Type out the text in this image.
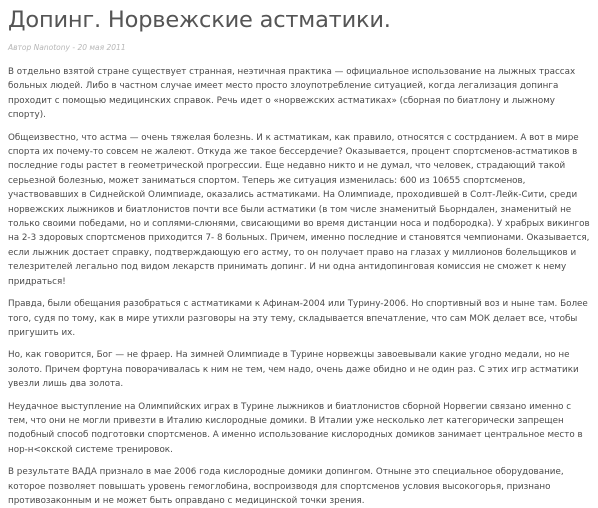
Допинг. Норвежские астматики.
Автор Nanotony - 20 мая 2011

В отдельно взятой стране существует странная, неэтичная практика — официальное использование на лыжных трассах больных людей. Либо в частном случае имеет место просто злоупотребление ситуацией, когда легализация допинга проходит с помощью медицинских справок. Речь идет о «норвежских астматиках» (сборная по биатлону и лыжному спорту).

Общеизвестно, что астма — очень тяжелая болезнь. И к астматикам, как правило, относятся с сострданием. А вот в мире спорта их почему-то совсем не жалеют. Откуда же такое бессердечие? Оказывается, процент спортсменов-астматиков в последние годы растет в геометрической прогрессии. Еще недавно никто и не думал, что человек, страдающий такой серьезной болезнью, может заниматься спортом. Теперь же ситуация изменилась: 600 из 10655 спортсменов, участвовавших в Сиднейской Олимпиаде, оказались астматиками. На Олимпиаде, проходившей в Солт-Лейк-Сити, среди норвежских лыжников и биатлонистов почти все были астматики (в том числе знаменитый Бьорндален, знаменитый не только своими победами, но и соплями-слюнями, свисающими во время дистанции носа и подбородка). У храбрых викингов на 2-3 здоровых спортсменов приходится 7- 8 больных. Причем, именно последние и становятся чемпионами. Оказывается, если лыжник достает справку, подтверждающую его астму, то он получает право на глазах у миллионов болельщиков и телезрителей легально под видом лекарств принимать допинг. И ни одна антидопинговая комиссия не сможет к нему придраться!

Правда, были обещания разобраться с астматиками к Афинам-2004 или Турину-2006. Но спортивный воз и ныне там. Более того, судя по тому, как в мире утихли разговоры на эту тему, складывается впечатление, что сам МОК делает все, чтобы пригушить их.

Но, как говорится, Бог — не фраер. На зимней Олимпиаде в Турине норвежцы завоевывали какие угодно медали, но не золото. Причем фортуна поворачивалась к ним не тем, чем надо, очень даже обидно и не один раз. С этих игр астматики увезли лишь два золота.

Неудачное выступление на Олимпийских играх в Турине лыжников и биатлонистов сборной Норвегии связано именно с тем, что они не могли привезти в Италию кислородные домики. В Италии уже несколько лет категорически запрещен подобный способ подготовки спортсменов. А именно использование кислородных домиков занимает центральное место в нор-н<окской системе тренировок.

В результате ВАДА признало в мае 2006 года кислородные домики допингом. Отныне это специальное оборудование, которое позволяет повышать уровень гемоглобина, воспроизводя для спортсменов условия высокогорья, признано противозаконным и не может быть оправдано с медицинской точки зрения.
